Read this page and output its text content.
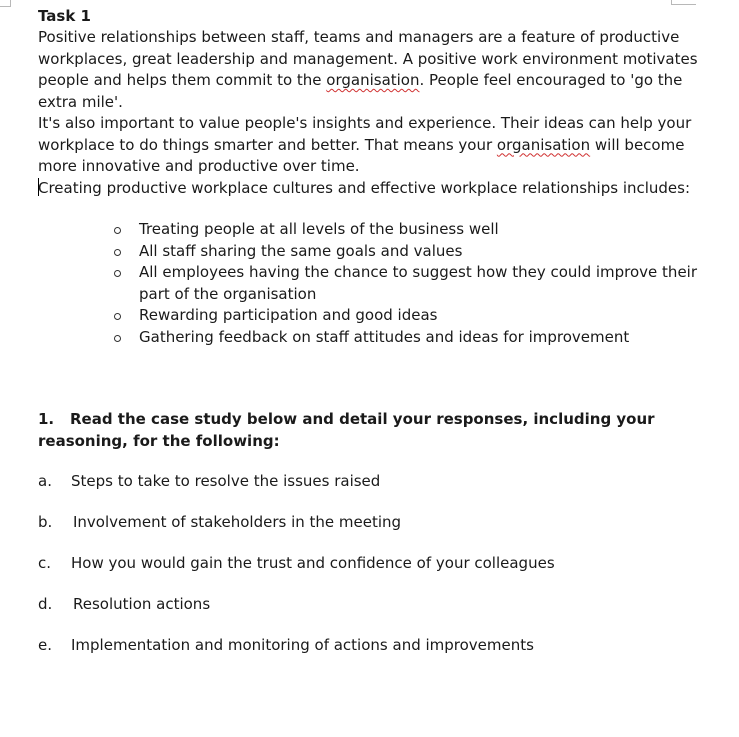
Task 1

Positive relationships between staff, teams and managers are a feature of productive workplaces, great leadership and management. A positive work environment motivates people and helps them commit to the organisation. People feel encouraged to 'go the extra mile'.

It's also important to value people's insights and experience. Their ideas can help your workplace to do things smarter and better. That means your organisation will become more innovative and productive over time.

Creating productive workplace cultures and effective workplace relationships includes:

Treating people at all levels of the business well
All staff sharing the same goals and values
All employees having the chance to suggest how they could improve their part of the organisation
Rewarding participation and good ideas
Gathering feedback on staff attitudes and ideas for improvement
1. Read the case study below and detail your responses, including your reasoning, for the following:
a. Steps to take to resolve the issues raised
b. Involvement of stakeholders in the meeting
c. How you would gain the trust and confidence of your colleagues
d. Resolution actions
e. Implementation and monitoring of actions and improvements
